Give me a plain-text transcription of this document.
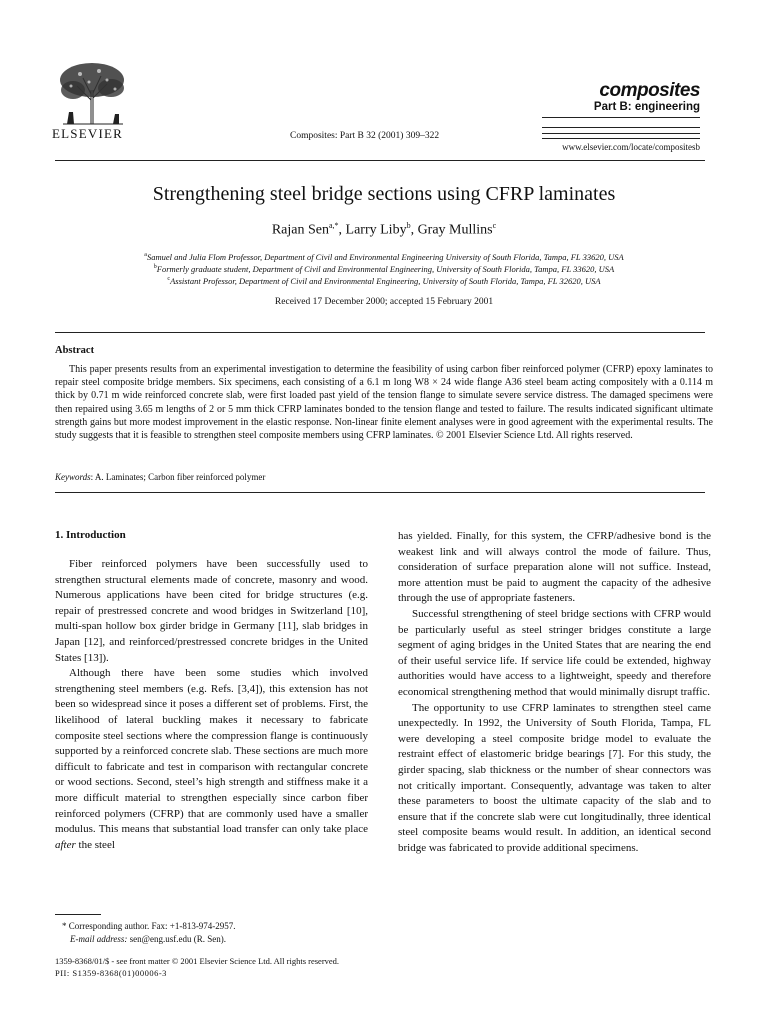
ELSEVIER	Composites: Part B 32 (2001) 309–322
composites
Part B: engineering
www.elsevier.com/locate/compositesb
Strengthening steel bridge sections using CFRP laminates
Rajan Sen$^{a,*}$, Larry Liby$^b$, Gray Mullins$^c$
$^a$Samuel and Julia Flom Professor, Department of Civil and Environmental Engineering University of South Florida, Tampa, FL 33620, USA
$^b$Formerly graduate student, Department of Civil and Environmental Engineering, University of South Florida, Tampa, FL 33620, USA
$^c$Assistant Professor, Department of Civil and Environmental Engineering, University of South Florida, Tampa, FL 32620, USA
Received 17 December 2000; accepted 15 February 2001
Abstract

This paper presents results from an experimental investigation to determine the feasibility of using carbon fiber reinforced polymer (CFRP) epoxy laminates to repair steel composite bridge members. Six specimens, each consisting of a 6.1 m long W8 × 24 wide flange A36 steel beam acting compositely with a 0.114 m thick by 0.71 m wide reinforced concrete slab, were first loaded past yield of the tension flange to simulate severe service distress. The damaged specimens were then repaired using 3.65 m lengths of 2 or 5 mm thick CFRP laminates bonded to the tension flange and tested to failure. The results indicated significant ultimate strength gains but more modest improvement in the elastic response. Non-linear finite element analyses were in good agreement with the experimental results. The study suggests that it is feasible to strengthen steel composite members using CFRP laminates. © 2001 Elsevier Science Ltd. All rights reserved.

Keywords: A. Laminates; Carbon fiber reinforced polymer
1. Introduction

Fiber reinforced polymers have been successfully used to strengthen structural elements made of concrete, masonry and wood. Numerous applications have been cited for bridge structures (e.g. repair of prestressed concrete and wood bridges in Switzerland [10], multi-span hollow box girder bridge in Germany [11], slab bridges in Japan [12], and reinforced/prestressed concrete bridges in the United States [13]).

Although there have been some studies which involved strengthening steel members (e.g. Refs. [3,4]), this extension has not been so widespread since it poses a different set of problems. First, the likelihood of lateral buckling makes it necessary to fabricate composite steel sections where the compression flange is continuously supported by a reinforced concrete slab. These sections are much more difficult to fabricate and test in comparison with rectangular concrete or wood sections. Second, steel’s high strength and stiffness make it a more difficult material to strengthen especially since carbon fiber reinforced polymers (CFRP) that are commonly used have a smaller modulus. This means that substantial load transfer can only take place after the steel

has yielded. Finally, for this system, the CFRP/adhesive bond is the weakest link and will always control the mode of failure. Thus, consideration of surface preparation alone will not suffice. Instead, more attention must be paid to augment the capacity of the adhesive through the use of appropriate fasteners.

Successful strengthening of steel bridge sections with CFRP would be particularly useful as steel stringer bridges constitute a large segment of aging bridges in the United States that are nearing the end of their useful service life. If service life could be extended, highway authorities would have access to a lightweight, speedy and therefore economical strengthening method that would minimally disrupt traffic.

The opportunity to use CFRP laminates to strengthen steel came unexpectedly. In 1992, the University of South Florida, Tampa, FL were developing a steel composite bridge model to evaluate the restraint effect of elastomeric bridge bearings [7]. For this study, the girder spacing, slab thickness or the number of shear connectors was not critically important. Consequently, advantage was taken to alter these parameters to boost the ultimate capacity of the slab and to ensure that if the concrete slab were cut longitudinally, three identical steel composite beams would result. In addition, an identical second bridge was fabricated to provide additional specimens.

* Corresponding author. Fax: +1-813-974-2957.
E-mail address: sen@eng.usf.edu (R. Sen).
1359-8368/01/$ - see front matter © 2001 Elsevier Science Ltd. All rights reserved.
PII: S1359-8368(01)00006-3
